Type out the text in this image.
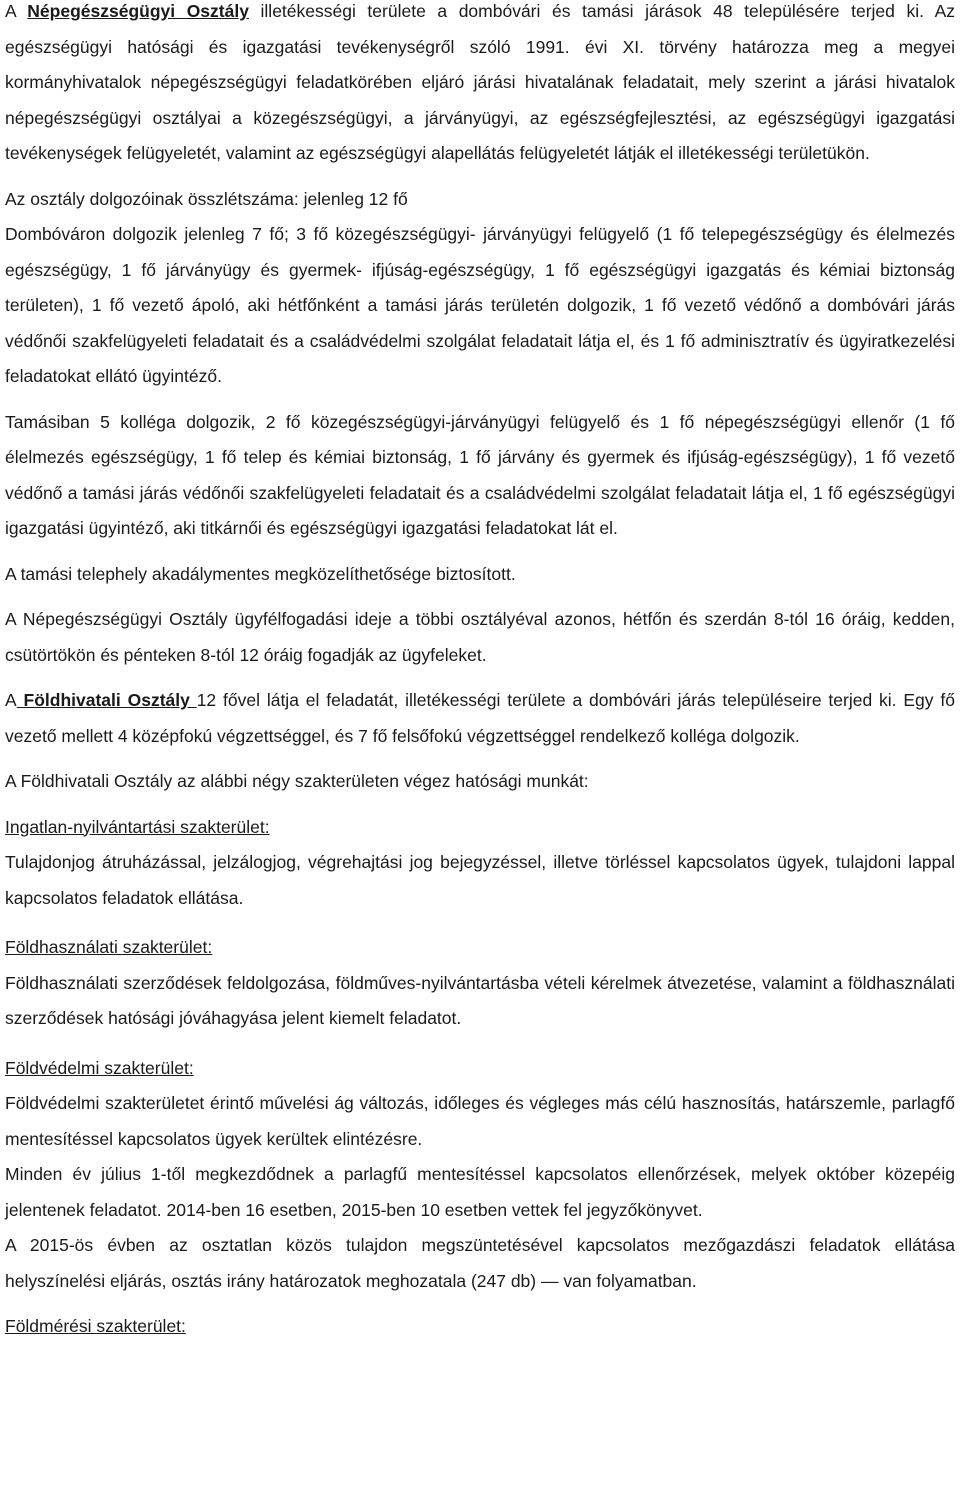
A Népegészségügyi Osztály illetékességi területe a dombóvári és tamási járások 48 településére terjed ki. Az egészségügyi hatósági és igazgatási tevékenységről szóló 1991. évi XI. törvény határozza meg a megyei kormányhivatalok népegészségügyi feladatkörében eljáró járási hivatalának feladatait, mely szerint a járási hivatalok népegészségügyi osztályai a közegészségügyi, a járványügyi, az egészségfejlesztési, az egészségügyi igazgatási tevékenységek felügyeletét, valamint az egészségügyi alapellátás felügyeletét látják el illetékességi területükön.

Az osztály dolgozóinak összlétszáma: jelenleg 12 fő

Dombóváron dolgozik jelenleg 7 fő; 3 fő közegészségügyi- járványügyi felügyelő (1 fő telepegészségügy és élelmezés egészségügy, 1 fő járványügy és gyermek- ifjúság-egészségügy, 1 fő egészségügyi igazgatás és kémiai biztonság területen), 1 fő vezető ápoló, aki hétfőnként a tamási járás területén dolgozik, 1 fő vezető védőnő a dombóvári járás védőnői szakfelügyeleti feladatait és a családvédelmi szolgálat feladatait látja el, és 1 fő adminisztratív és ügyiratkezelési feladatokat ellátó ügyintéző.

Tamásiban 5 kolléga dolgozik, 2 fő közegészségügyi-járványügyi felügyelő és 1 fő népegészségügyi ellenőr (1 fő élelmezés egészségügy, 1 fő telep és kémiai biztonság, 1 fő járvány és gyermek és ifjúság-egészségügy), 1 fő vezető védőnő a tamási járás védőnői szakfelügyeleti feladatait és a családvédelmi szolgálat feladatait látja el, 1 fő egészségügyi igazgatási ügyintéző, aki titkárnői és egészségügyi igazgatási feladatokat lát el.

A tamási telephely akadálymentes megközelíthetősége biztosított.

A Népegészségügyi Osztály ügyfélfogadási ideje a többi osztályéval azonos, hétfőn és szerdán 8-tól 16 óráig, kedden, csütörtökön és pénteken 8-tól 12 óráig fogadják az ügyfeleket.

A Földhivatali Osztály 12 fővel látja el feladatát, illetékességi területe a dombóvári járás településeire terjed ki. Egy fő vezető mellett 4 középfokú végzettséggel, és 7 fő felsőfokú végzettséggel rendelkező kolléga dolgozik.

A Földhivatali Osztály az alábbi négy szakterületen végez hatósági munkát:

Ingatlan-nyilvántartási szakterület:

Tulajdonjog átruházással, jelzálogjog, végrehajtási jog bejegyzéssel, illetve törléssel kapcsolatos ügyek, tulajdoni lappal kapcsolatos feladatok ellátása.

Földhasználati szakterület:

Földhasználati szerződések feldolgozása, földműves-nyilvántartásba vételi kérelmek átvezetése, valamint a földhasználati szerződések hatósági jóváhagyása jelent kiemelt feladatot.

Földvédelmi szakterület:

Földvédelmi szakterületet érintő művelési ág változás, időleges és végleges más célú hasznosítás, határszemle, parlagfő mentesítéssel kapcsolatos ügyek kerültek elintézésre.

Minden év július 1-től megkezdődnek a parlagfű mentesítéssel kapcsolatos ellenőrzések, melyek október közepéig jelentenek feladatot. 2014-ben 16 esetben, 2015-ben 10 esetben vettek fel jegyzőkönyvet.

A 2015-ös évben az osztatlan közös tulajdon megszüntetésével kapcsolatos mezőgazdászi feladatok ellátása helyszínelési eljárás, osztás irány határozatok meghozatala (247 db) — van folyamatban.

Földmérési szakterület:
